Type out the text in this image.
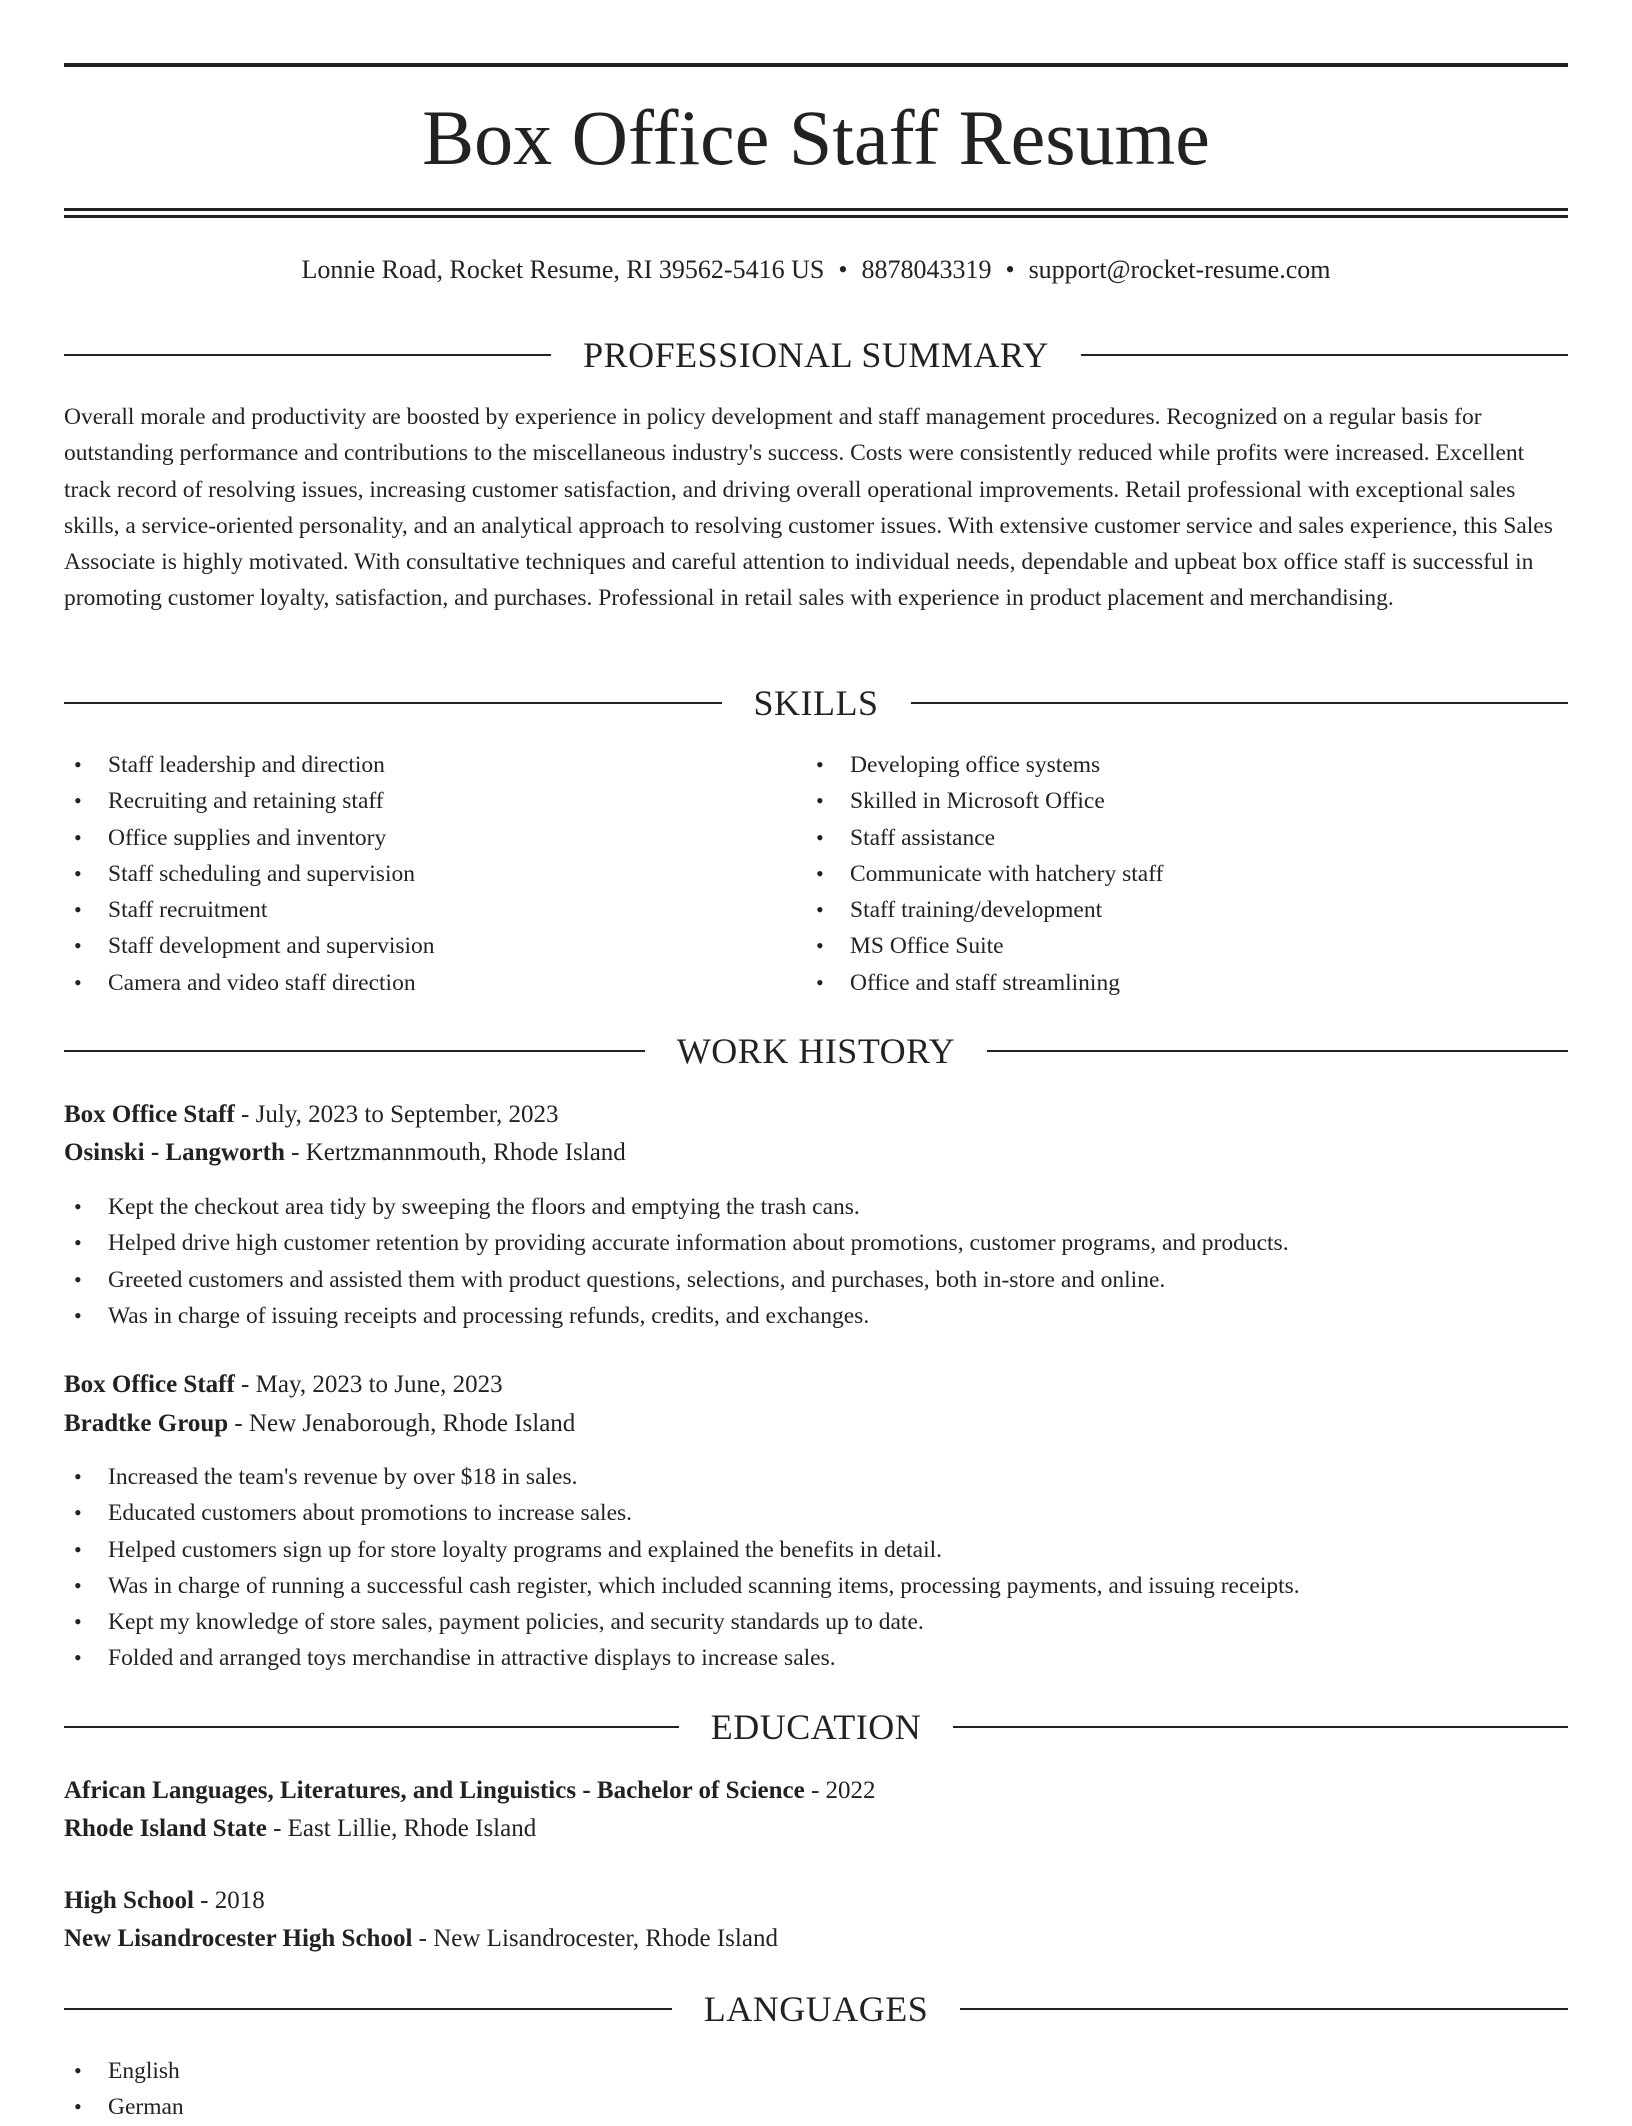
Box Office Staff Resume
Lonnie Road, Rocket Resume, RI 39562-5416 US • 8878043319 • support@rocket-resume.com
PROFESSIONAL SUMMARY

Overall morale and productivity are boosted by experience in policy development and staff management procedures. Recognized on a regular basis for outstanding performance and contributions to the miscellaneous industry's success. Costs were consistently reduced while profits were increased. Excellent track record of resolving issues, increasing customer satisfaction, and driving overall operational improvements. Retail professional with exceptional sales skills, a service-oriented personality, and an analytical approach to resolving customer issues. With extensive customer service and sales experience, this Sales Associate is highly motivated. With consultative techniques and careful attention to individual needs, dependable and upbeat box office staff is successful in promoting customer loyalty, satisfaction, and purchases. Professional in retail sales with experience in product placement and merchandising.

SKILLS
• Staff leadership and direction
• Recruiting and retaining staff
• Office supplies and inventory
• Staff scheduling and supervision
• Staff recruitment
• Staff development and supervision
• Camera and video staff direction
• Developing office systems
• Skilled in Microsoft Office
• Staff assistance
• Communicate with hatchery staff
• Staff training/development
• MS Office Suite
• Office and staff streamlining
WORK HISTORY
Box Office Staff - July, 2023 to September, 2023
Osinski - Langworth - Kertzmannmouth, Rhode Island
• Kept the checkout area tidy by sweeping the floors and emptying the trash cans.
• Helped drive high customer retention by providing accurate information about promotions, customer programs, and products.
• Greeted customers and assisted them with product questions, selections, and purchases, both in-store and online.
• Was in charge of issuing receipts and processing refunds, credits, and exchanges.
Box Office Staff - May, 2023 to June, 2023
Bradtke Group - New Jenaborough, Rhode Island
• Increased the team's revenue by over $18 in sales.
• Educated customers about promotions to increase sales.
• Helped customers sign up for store loyalty programs and explained the benefits in detail.
• Was in charge of running a successful cash register, which included scanning items, processing payments, and issuing receipts.
• Kept my knowledge of store sales, payment policies, and security standards up to date.
• Folded and arranged toys merchandise in attractive displays to increase sales.
EDUCATION
African Languages, Literatures, and Linguistics - Bachelor of Science - 2022
Rhode Island State - East Lillie, Rhode Island
High School - 2018
New Lisandrocester High School - New Lisandrocester, Rhode Island
LANGUAGES
• English
• German
